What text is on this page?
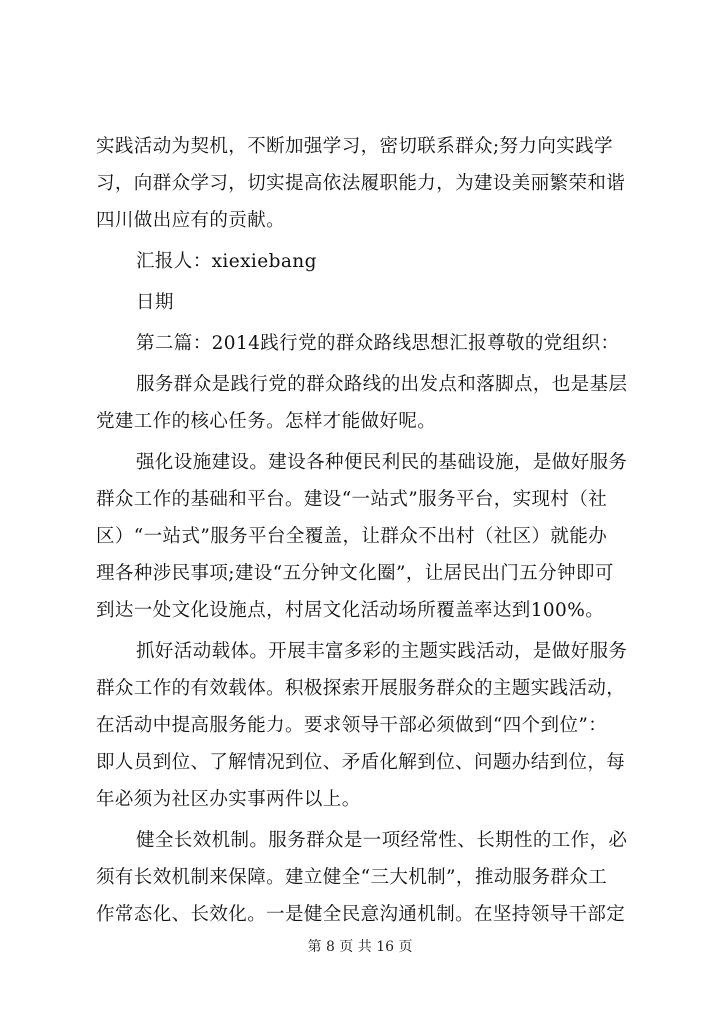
实践活动为契机，不断加强学习，密切联系群众;努力向实践学
习，向群众学习，切实提高依法履职能力，为建设美丽繁荣和谐
四川做出应有的贡献。
汇报人：xiexiebang
日期
第二篇：2014践行党的群众路线思想汇报尊敬的党组织：
服务群众是践行党的群众路线的出发点和落脚点，也是基层
党建工作的核心任务。怎样才能做好呢。
强化设施建设。建设各种便民利民的基础设施，是做好服务
群众工作的基础和平台。建设“一站式”服务平台，实现村（社
区）“一站式”服务平台全覆盖，让群众不出村（社区）就能办
理各种涉民事项;建设“五分钟文化圈”，让居民出门五分钟即可
到达一处文化设施点，村居文化活动场所覆盖率达到100%。
抓好活动载体。开展丰富多彩的主题实践活动，是做好服务
群众工作的有效载体。积极探索开展服务群众的主题实践活动，
在活动中提高服务能力。要求领导干部必须做到“四个到位”：
即人员到位、了解情况到位、矛盾化解到位、问题办结到位，每
年必须为社区办实事两件以上。
健全长效机制。服务群众是一项经常性、长期性的工作，必
须有长效机制来保障。建立健全“三大机制”，推动服务群众工
作常态化、长效化。一是健全民意沟通机制。在坚持领导干部定
第 8 页 共 16 页
